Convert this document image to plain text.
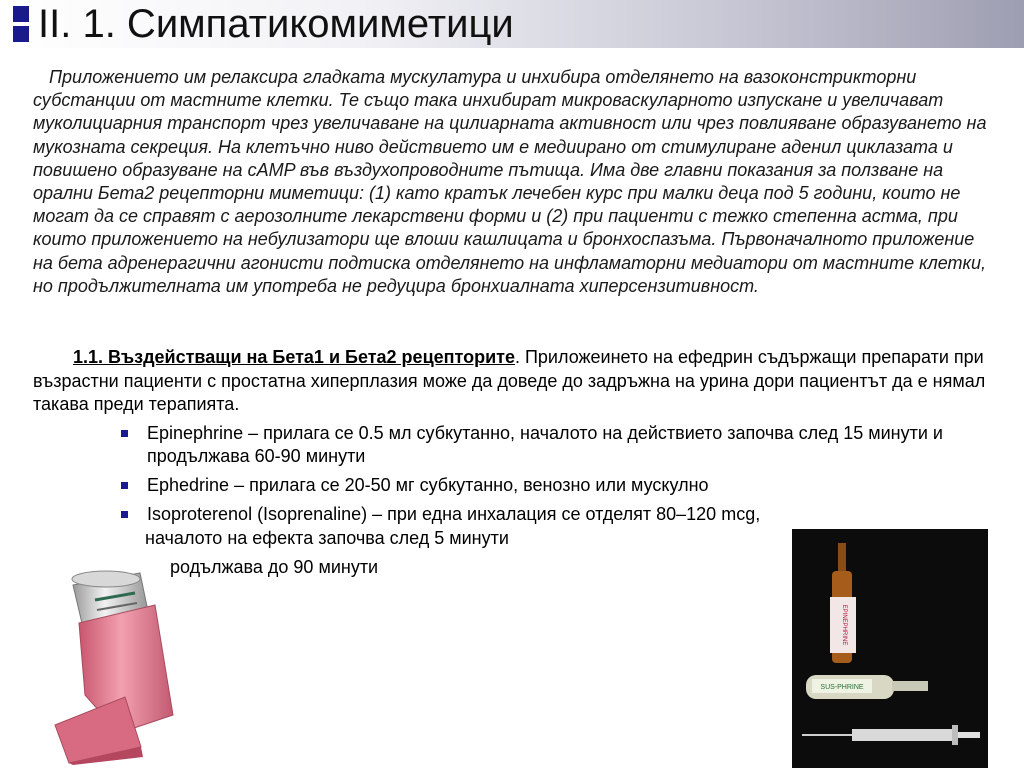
II. 1. Симпатикомиметици
Приложението им релаксира гладката мускулатура и инхибира отделянето на вазоконстрикторни субстанции от мастните клетки. Те също така инхибират микроваскуларното изпускане и увеличават муколициарния транспорт чрез увеличаване на цилиарната активност или чрез повлияване образуването на мукозната секреция. На клетъчно ниво действието им е медиирано от стимулиране аденил циклазата и повишено образуване на cAMP във въздухопроводните пътища. Има две главни показания за ползване на орални Бета2 рецепторни миметици: (1) като кратък лечебен курс при малки деца под 5 години, които не могат да се справят с аерозолните лекарствени форми и (2) при пациенти с тежко степенна астма, при които приложението на небулизатори ще влоши кашлицата и бронхоспазъма. Първоначалното приложение на бета адренерагични агонисти подтиска отделянето на инфламаторни медиатори от мастните клетки, но продължителната им употреба не редуцира бронхиалната хиперсензитивност.
1.1. Въздействащи на Бета1 и Бета2 рецепторите. Приложеинето на ефедрин съдържащи препарати при възрастни пациенти с простатна хиперплазия може да доведе до задръжна на урина дори пациентът да е нямал такава преди терапията.
Epinephrine – прилага се 0.5 мл субкутанно, началото на действието започва след 15 минути и продължава 60-90 минути
Ephedrine – прилага се 20-50 мг субкутанно, венозно или мускулно
Isoproterenol (Isoprenaline) – при една инхалация се отделят 80–120 mcg,
началото на ефекта започва след 5 минути
родължава до 90 минути
EPINEPHRINE
SUS-PHRINE
